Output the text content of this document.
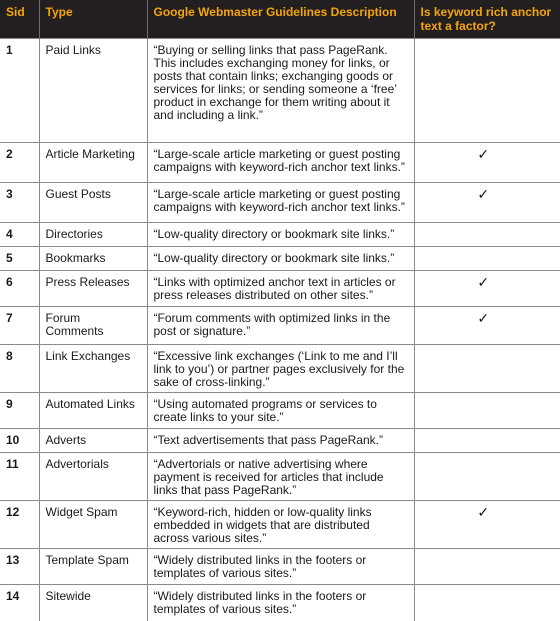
Sid	Type	Google Webmaster Guidelines Description	Is keyword rich anchor text a factor?
1	Paid Links	“Buying or selling links that pass PageRank. This includes exchanging money for links, or posts that contain links; exchanging goods or services for links; or sending someone a ‘free’ product in exchange for them writing about it and including a link.”	
2	Article Marketing	“Large-scale article marketing or guest posting campaigns with keyword-rich anchor text links.”	✓
3	Guest Posts	“Large-scale article marketing or guest posting campaigns with keyword-rich anchor text links.”	✓
4	Directories	“Low-quality directory or bookmark site links.”	
5	Bookmarks	“Low-quality directory or bookmark site links.”	
6	Press Releases	“Links with optimized anchor text in articles or press releases distributed on other sites.”	✓
7	Forum Comments	“Forum comments with optimized links in the post or signature.”	✓
8	Link Exchanges	“Excessive link exchanges (‘Link to me and I’ll link to you’) or partner pages exclusively for the sake of cross-linking.”	
9	Automated Links	“Using automated programs or services to create links to your site.”	
10	Adverts	“Text advertisements that pass PageRank.”	
11	Advertorials	“Advertorials or native advertising where payment is received for articles that include links that pass PageRank.”	
12	Widget Spam	“Keyword-rich, hidden or low-quality links embedded in widgets that are distributed across various sites.”	✓
13	Template Spam	“Widely distributed links in the footers or templates of various sites.”	
14	Sitewide	“Widely distributed links in the footers or templates of various sites.”	
